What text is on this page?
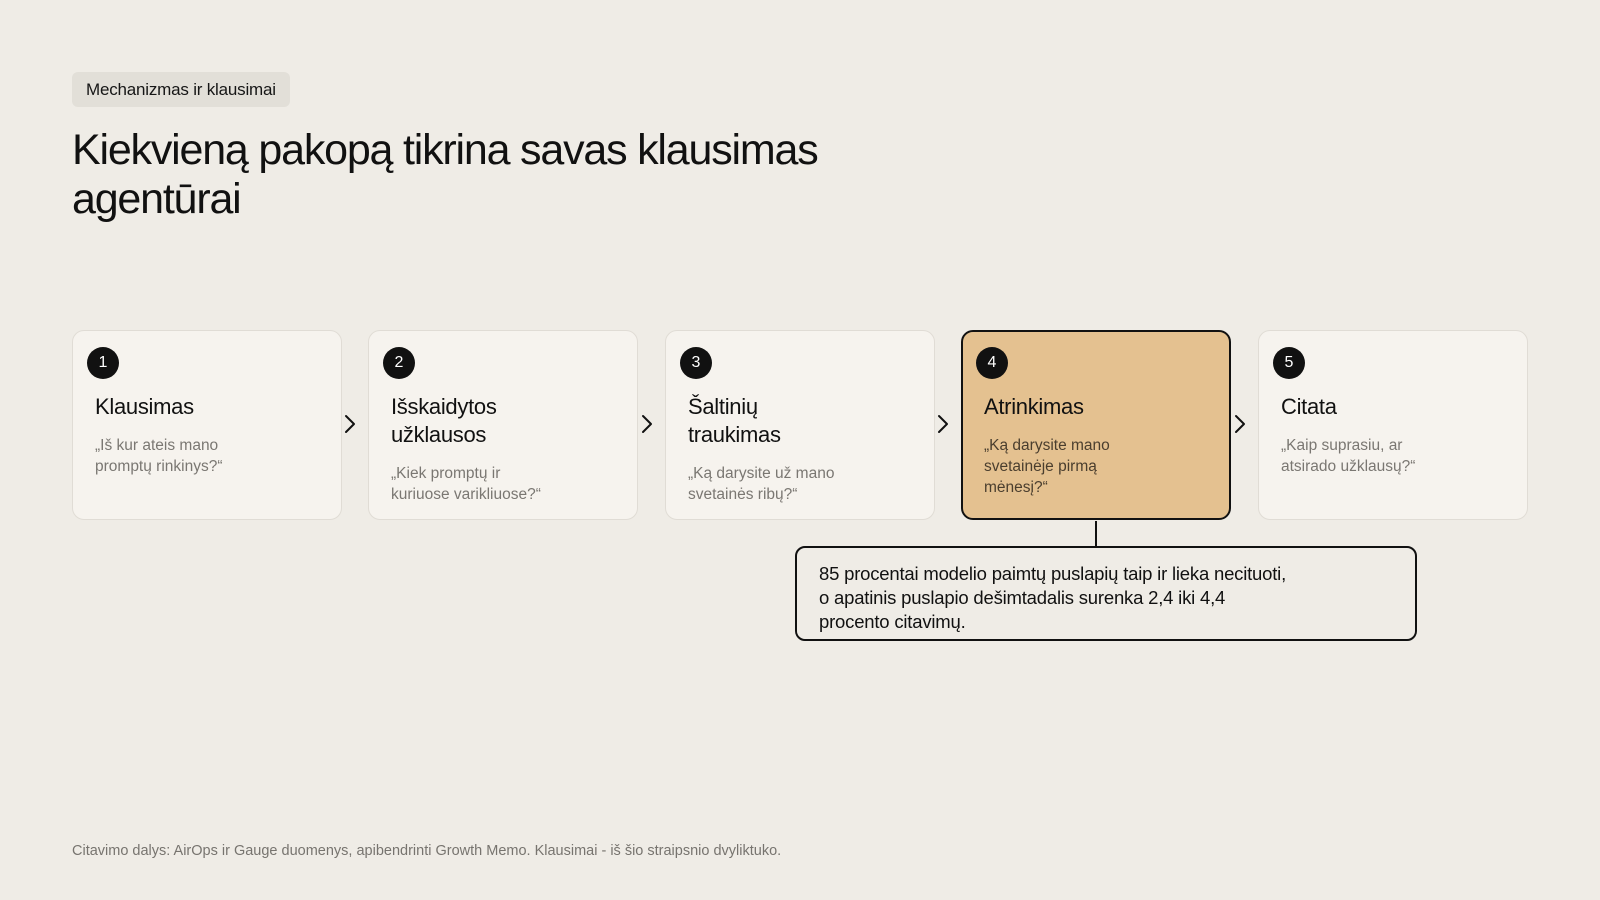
Mechanizmas ir klausimai
Kiekvieną pakopą tikrina savas klausimas agentūrai
1
Klausimas
„Iš kur ateis mano promptų rinkinys?“
2
Išskaidytos užklausos
„Kiek promptų ir kuriuose varikliuose?“
3
Šaltinių traukimas
„Ką darysite už mano svetainės ribų?“
4
Atrinkimas
„Ką darysite mano svetainėje pirmą mėnesį?“
5
Citata
„Kaip suprasiu, ar atsirado užklausų?“
85 procentai modelio paimtų puslapių taip ir lieka necituoti, o apatinis puslapio dešimtadalis surenka 2,4 iki 4,4 procento citavimų.
Citavimo dalys: AirOps ir Gauge duomenys, apibendrinti Growth Memo. Klausimai - iš šio straipsnio dvyliktuko.
